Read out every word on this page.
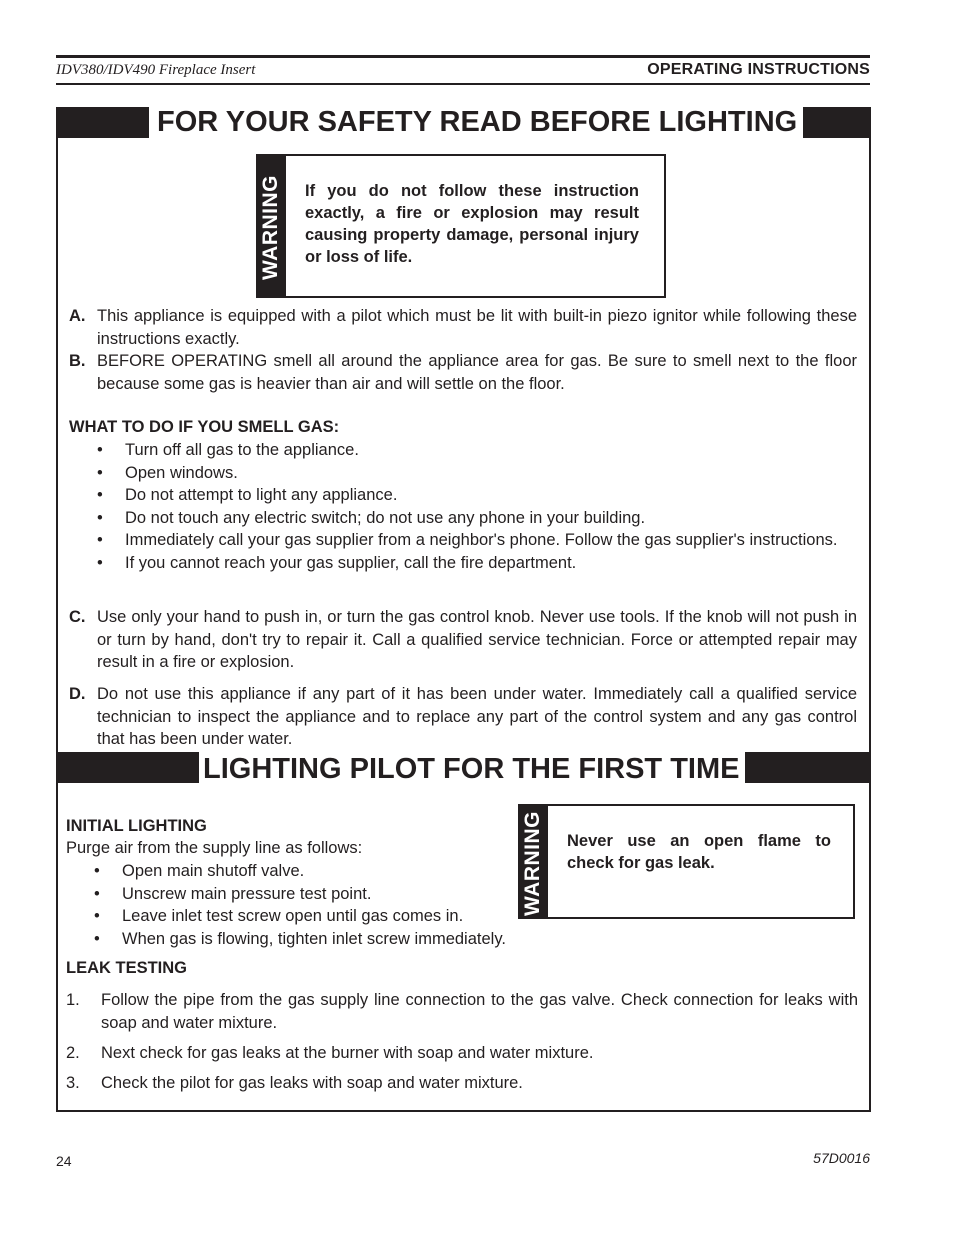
IDV380/IDV490 Fireplace Insert	OPERATING INSTRUCTIONS
FOR YOUR SAFETY READ BEFORE LIGHTING
WARNING If you do not follow these instruction exactly, a fire or explosion may result causing property damage, personal injury or loss of life.
A. This appliance is equipped with a pilot which must be lit with built-in piezo ignitor while following these instructions exactly.
B. BEFORE OPERATING smell all around the appliance area for gas. Be sure to smell next to the floor because some gas is heavier than air and will settle on the floor.
WHAT TO DO IF YOU SMELL GAS:
• Turn off all gas to the appliance.
• Open windows.
• Do not attempt to light any appliance.
• Do not touch any electric switch; do not use any phone in your building.
• Immediately call your gas supplier from a neighbor's phone. Follow the gas supplier's instructions.
• If you cannot reach your gas supplier, call the fire department.
C. Use only your hand to push in, or turn the gas control knob. Never use tools. If the knob will not push in or turn by hand, don't try to repair it. Call a qualified service technician. Force or attempted repair may result in a fire or explosion.
D. Do not use this appliance if any part of it has been under water. Immediately call a qualified service technician to inspect the appliance and to replace any part of the control system and any gas control that has been under water.
LIGHTING PILOT FOR THE FIRST TIME
WARNING Never use an open flame to check for gas leak.
INITIAL LIGHTING
Purge air from the supply line as follows:
• Open main shutoff valve.
• Unscrew main pressure test point.
• Leave inlet test screw open until gas comes in.
• When gas is flowing, tighten inlet screw immediately.
LEAK TESTING
1. Follow the pipe from the gas supply line connection to the gas valve. Check connection for leaks with soap and water mixture.
2. Next check for gas leaks at the burner with soap and water mixture.
3. Check the pilot for gas leaks with soap and water mixture.
24	57D0016
